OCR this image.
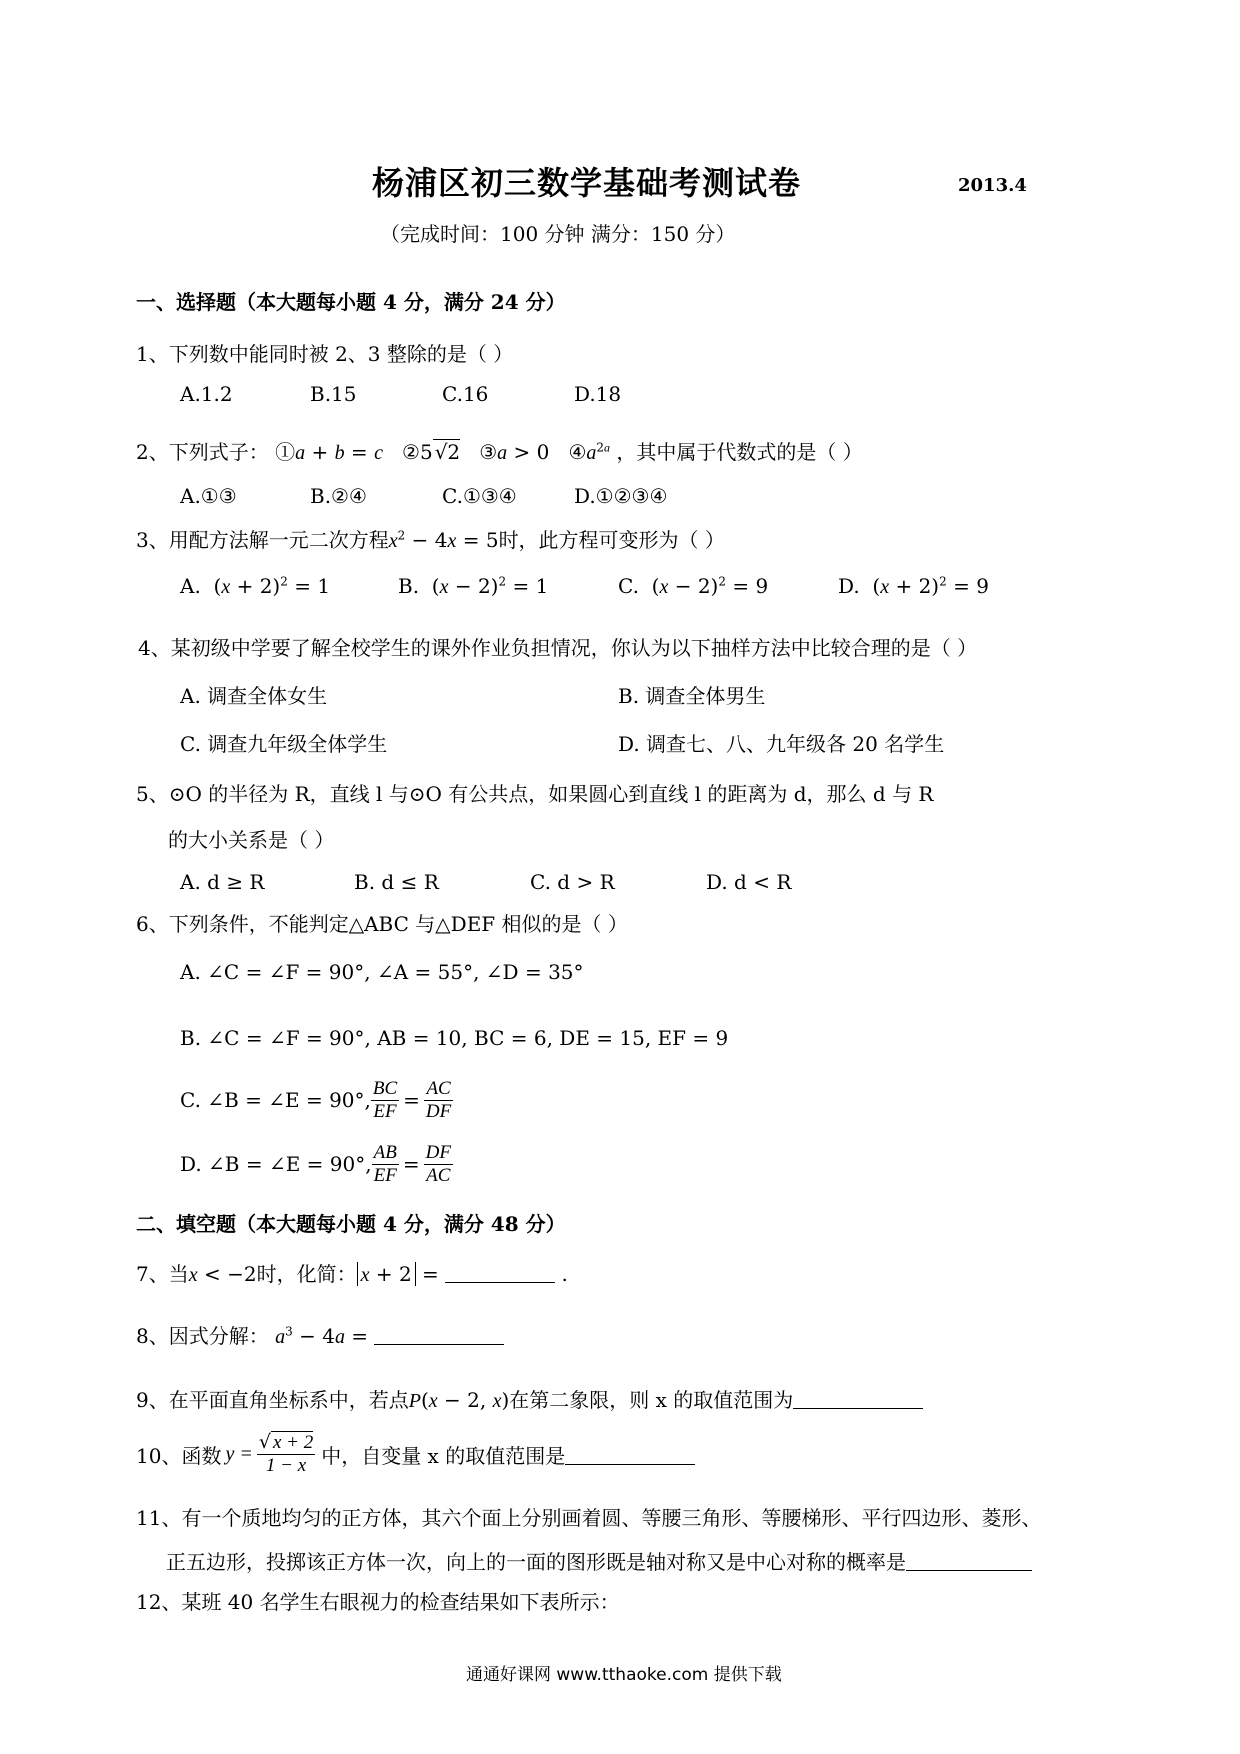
杨浦区初三数学基础考测试卷	2013.4
（完成时间：100 分钟 满分：150 分）
一、选择题（本大题每小题 4 分，满分 24 分）
1、下列数中能同时被 2、3 整除的是（ ）
A.1.2	B.15	C.16	D.18
2、下列式子： ①a + b = c ②5 √2 ③a > 0 $④a^{2a}$ ，其中属于代数式的是（ ）
A.①③	B.②④	C.①③④	D.①②③④
3、用配方法解一元二次方程$x^2 - 4x = 5$时，此方程可变形为（ ）
A.  $(x + 2)^2 = 1$	B.  $(x - 2)^2 = 1$	C.  $(x - 2)^2 = 9$	D.  $(x + 2)^2 = 9$
4、某初级中学要了解全校学生的课外作业负担情况，你认为以下抽样方法中比较合理的是（ ）
A. 调查全体女生	B. 调查全体男生
C. 调查九年级全体学生	D. 调查七、八、九年级各 20 名学生
5、⊙O 的半径为 R，直线 l 与⊙O 有公共点，如果圆心到直线 l 的距离为 d，那么 d 与 R
的大小关系是（ ）
A. d ≥ R	B. d ≤ R	C. d > R	D. d < R
6、下列条件，不能判定△ABC 与△DEF 相似的是（ ）
A. ∠C = ∠F = 90°, ∠A = 55°, ∠D = 35°
B. ∠C = ∠F = 90°, AB = 10, BC = 6, DE = 15, EF = 9
C. ∠B = ∠E = 90°, $\frac{BC}{EF} = \frac{AC}{DF}$
D. ∠B = ∠E = 90°, $\frac{AB}{EF} = \frac{DF}{AC}$
二、填空题（本大题每小题 4 分，满分 48 分）
7、当x < −2时，化简： x + 2 =	.
8、因式分解： $a^3 - 4a$ =
9、在平面直角坐标系中，若点P(x − 2, x)在第二象限，则 x 的取值范围为
10、函数 $y = \frac{√ x + 2}{1 - x}$ 中，自变量 x 的取值范围是
11、有一个质地均匀的正方体，其六个面上分别画着圆、等腰三角形、等腰梯形、平行四边形、菱形、
正五边形，投掷该正方体一次，向上的一面的图形既是轴对称又是中心对称的概率是
12、某班 40 名学生右眼视力的检查结果如下表所示：
通通好课网 www.tthaoke.com 提供下载
